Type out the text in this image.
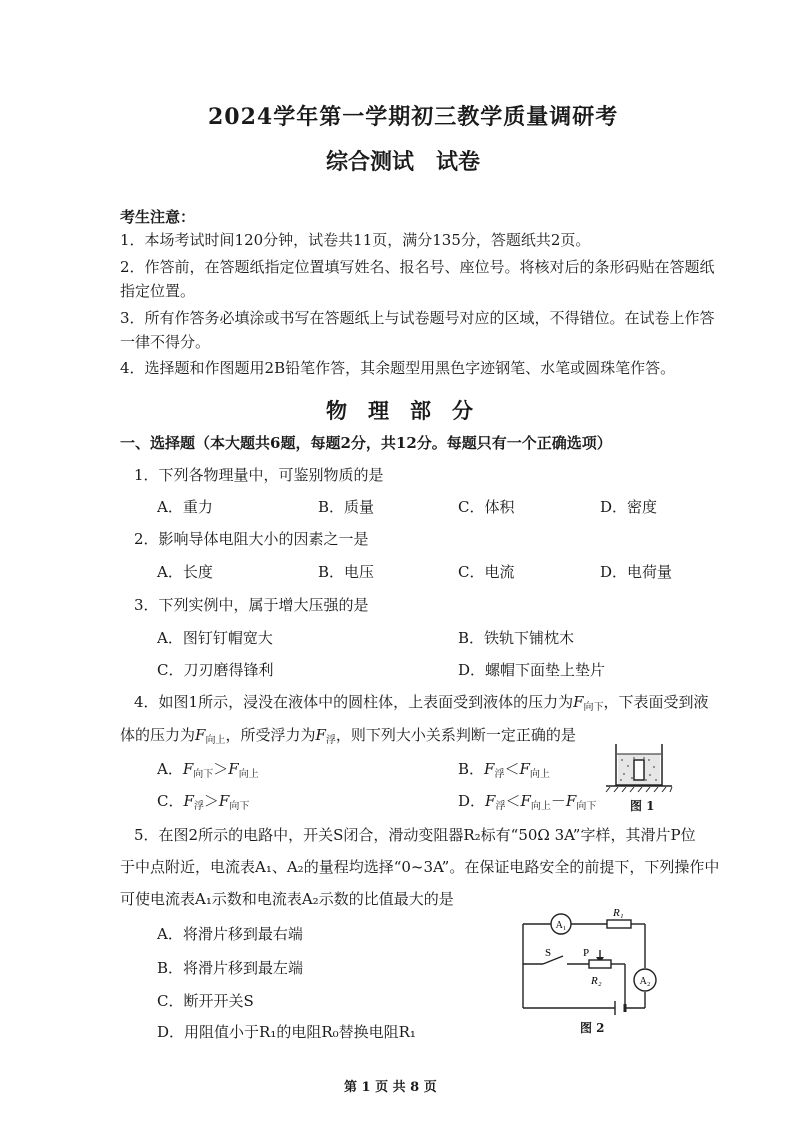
2024学年第一学期初三教学质量调研考
综合测试　试卷
考生注意：
1．本场考试时间120分钟，试卷共11页，满分135分，答题纸共2页。
2．作答前，在答题纸指定位置填写姓名、报名号、座位号。将核对后的条形码贴在答题纸
指定位置。
3．所有作答务必填涂或书写在答题纸上与试卷题号对应的区域，不得错位。在试卷上作答
一律不得分。
4．选择题和作图题用2B铅笔作答，其余题型用黑色字迹钢笔、水笔或圆珠笔作答。
物　理　部　分
一、选择题（本大题共6题，每题2分，共12分。每题只有一个正确选项）
1．下列各物理量中，可鉴别物质的是
A．重力	B．质量	C．体积	D．密度
2．影响导体电阻大小的因素之一是
A．长度	B．电压	C．电流	D．电荷量
3．下列实例中，属于增大压强的是
A．图钉钉帽宽大	B．铁轨下铺枕木
C．刀刃磨得锋利	D．螺帽下面垫上垫片
4．如图1所示，浸没在液体中的圆柱体，上表面受到液体的压力为$F_{向下}$，下表面受到液
体的压力为$F_{向上}$，所受浮力为$F_浮$，则下列大小关系判断一定正确的是
A．$F_{向下}>F_{向上}$	B．$F_浮<F_{向上}$
C．$F_浮>F_{向下}$	D．$F_浮<F_{向上}-F_{向下}$	图 1
5．在图2所示的电路中，开关S闭合，滑动变阻器R₂标有“50Ω 3A”字样，其滑片P位
于中点附近，电流表A₁、A₂的量程均选择“0~3A”。在保证电路安全的前提下，下列操作中
可使电流表A₁示数和电流表A₂示数的比值最大的是
A．将滑片移到最右端
B．将滑片移到最左端
C．断开开关S
D．用阻值小于R₁的电阻R₀替换电阻R₁
A₁
A₂
R₁
R₂
S	P
图 2
第 1 页 共 8 页
